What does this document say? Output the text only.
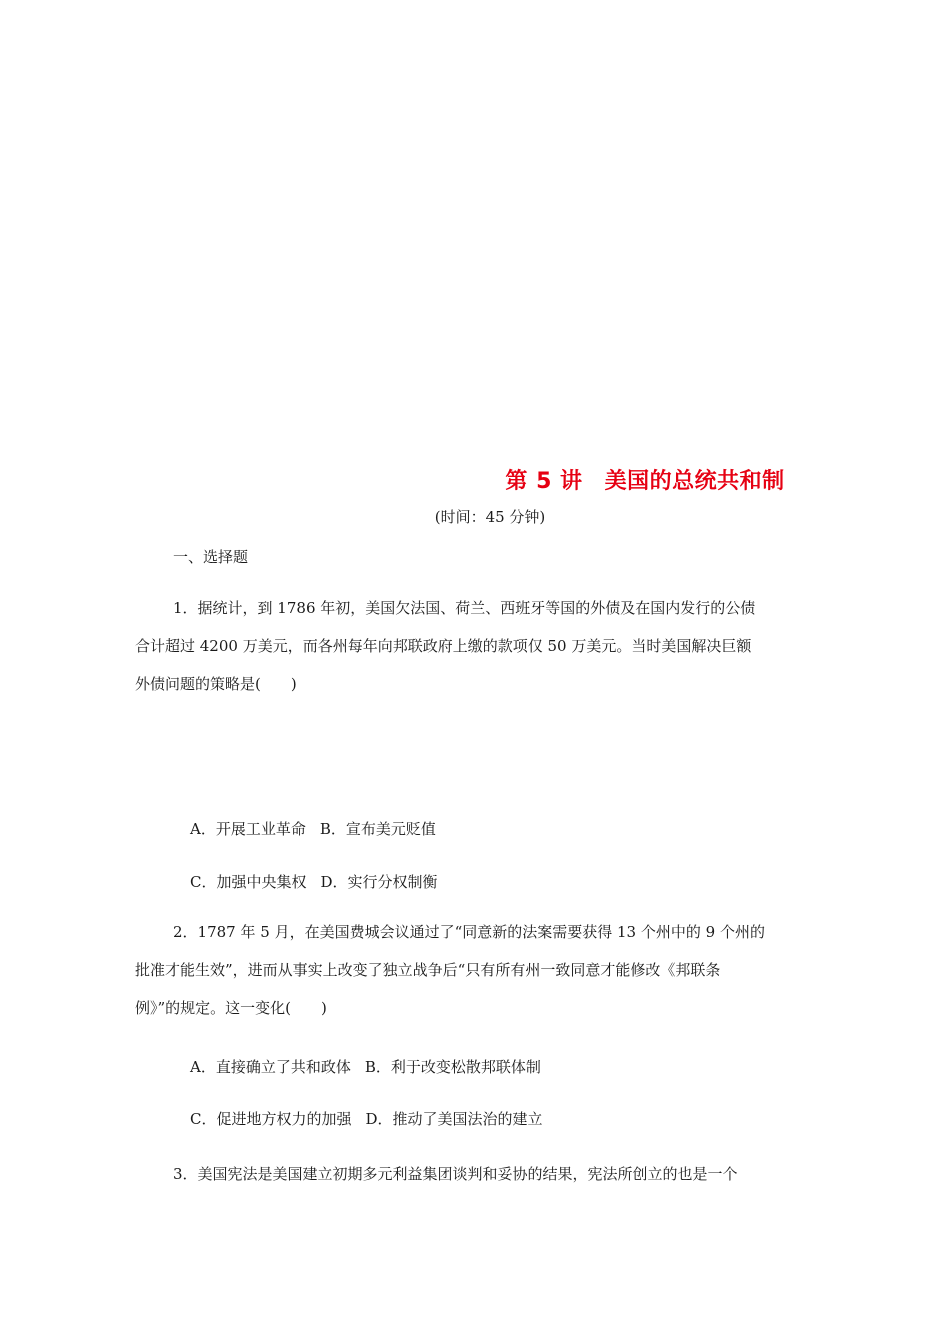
第 5 讲 美国的总统共和制
(时间：45 分钟)
一、选择题
1．据统计，到 1786 年初，美国欠法国、荷兰、西班牙等国的外债及在国内发行的公债
合计超过 4200 万美元，而各州每年向邦联政府上缴的款项仅 50 万美元。当时美国解决巨额
外债问题的策略是(　　)
A．开展工业革命 B．宣布美元贬值
C．加强中央集权 D．实行分权制衡
2．1787 年 5 月，在美国费城会议通过了“同意新的法案需要获得 13 个州中的 9 个州的
批准才能生效”，进而从事实上改变了独立战争后“只有所有州一致同意才能修改《邦联条
例》”的规定。这一变化(　　)
A．直接确立了共和政体 B．利于改变松散邦联体制
C．促进地方权力的加强 D．推动了美国法治的建立
3．美国宪法是美国建立初期多元利益集团谈判和妥协的结果，宪法所创立的也是一个
